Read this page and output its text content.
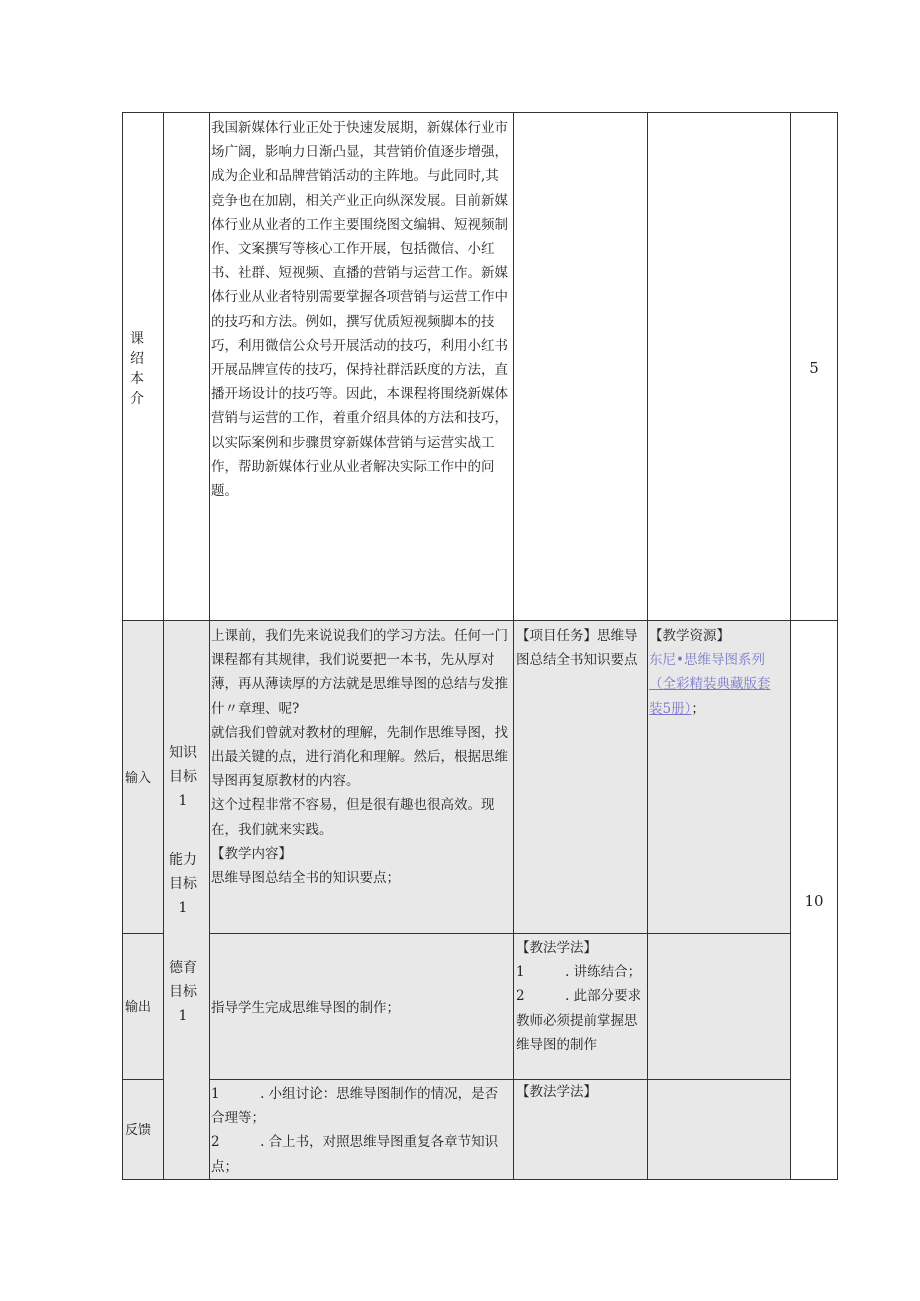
课绍本介
我国新媒体行业正处于快速发展期，新媒体行业市场广阔，影响力日渐凸显，其营销价值逐步增强，成为企业和品牌营销活动的主阵地。与此同时,其竞争也在加剧，相关产业正向纵深发展。目前新媒体行业从业者的工作主要围绕图文编辑、短视频制作、文案撰写等核心工作开展，包括微信、小红书、社群、短视频、直播的营销与运营工作。新媒体行业从业者特别需要掌握各项营销与运营工作中的技巧和方法。例如，撰写优质短视频脚本的技巧，利用微信公众号开展活动的技巧，利用小红书开展品牌宣传的技巧，保持社群活跃度的方法，直播开场设计的技巧等。因此，本课程将围绕新媒体营销与运营的工作，着重介绍具体的方法和技巧，以实际案例和步骤贯穿新媒体营销与运营实战工作，帮助新媒体行业从业者解决实际工作中的问题。
5
知识目标1
能力目标1
德育目标1
输入
上课前，我们先来说说我们的学习方法。任何一门课程都有其规律，我们说要把一本书，先从厚对薄，再从薄读厚的方法就是思维导图的总结与发推什〃章理、呢?
就信我们曾就对教材的理解，先制作思维导图，找出最关键的点，进行消化和理解。然后，根据思维导图再复原教材的内容。
这个过程非常不容易，但是很有趣也很高效。现在，我们就来实践。
【教学内容】
思维导图总结全书的知识要点；
【项目任务】思维导图总结全书知识要点
【教学资源】
东尼•思维导图系列
（全彩精装典藏版套
装5册）；
10
输出	指导学生完成思维导图的制作；
【教法学法】
1　　　. 讲练结合；
2　　　. 此部分要求教师必须提前掌握思维导图的制作
反馈
1　　　. 小组讨论：思维导图制作的情况，是否合理等；
2　　　. 合上书，对照思维导图重复各章节知识点；
【教法学法】
